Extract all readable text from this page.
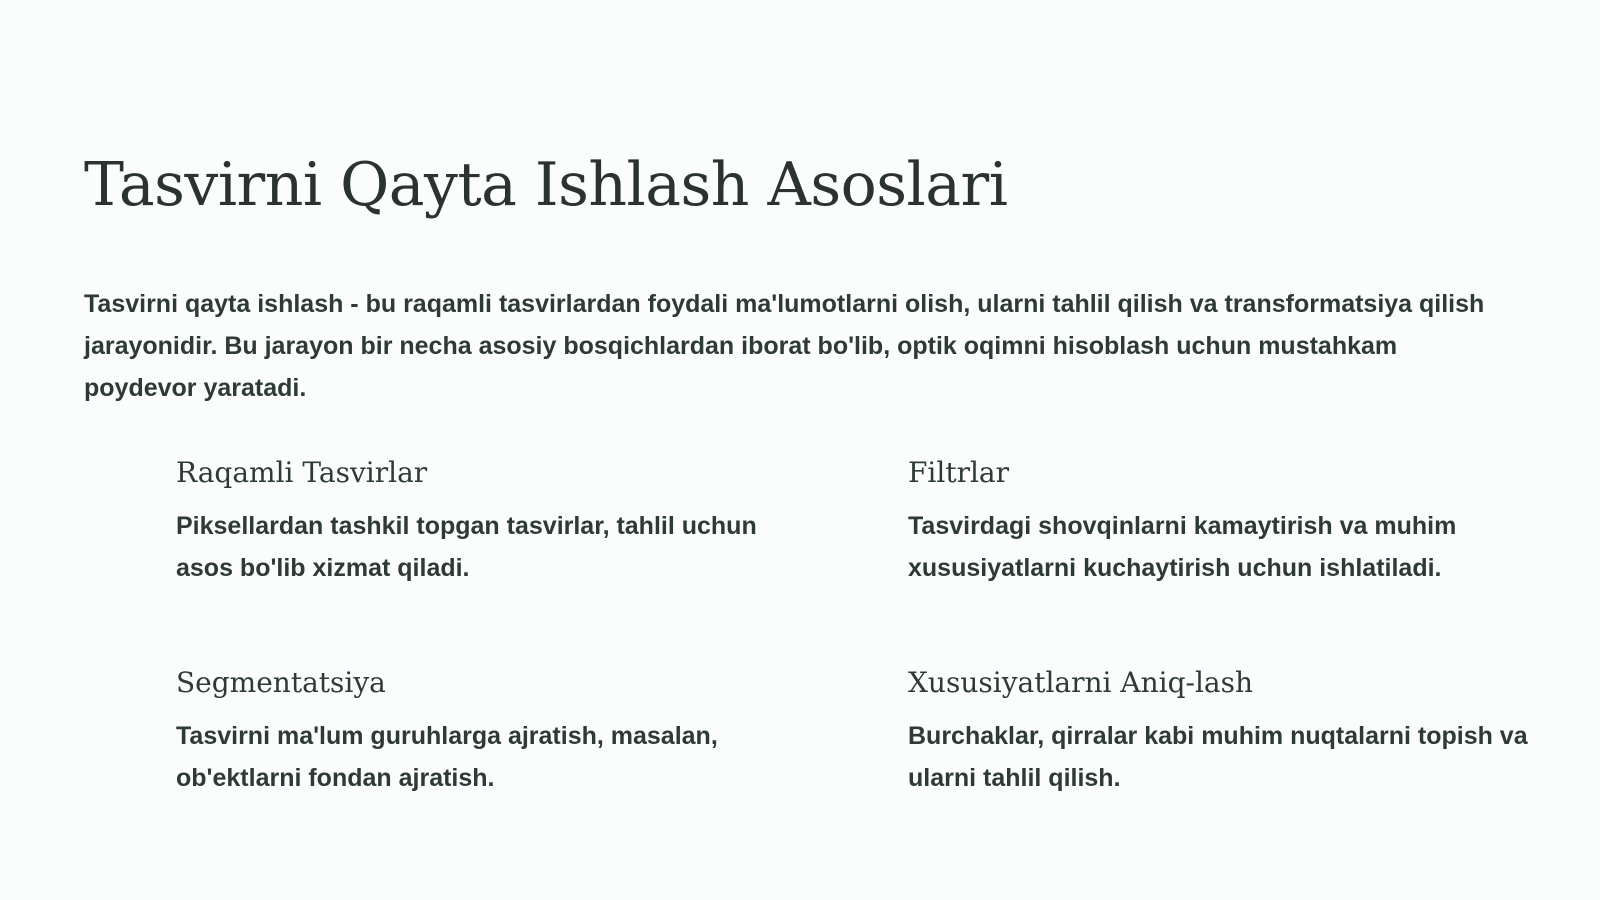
Tasvirni Qayta Ishlash Asoslari

Tasvirni qayta ishlash - bu raqamli tasvirlardan foydali ma'lumotlarni olish, ularni tahlil qilish va transformatsiya qilish jarayonidir. Bu jarayon bir necha asosiy bosqichlardan iborat bo'lib, optik oqimni hisoblash uchun mustahkam poydevor yaratadi.

Raqamli Tasvirlar

Piksellardan tashkil topgan tasvirlar, tahlil uchun asos bo'lib xizmat qiladi.

Filtrlar

Tasvirdagi shovqinlarni kamaytirish va muhim xususiyatlarni kuchaytirish uchun ishlatiladi.

Segmentatsiya

Tasvirni ma'lum guruhlarga ajratish, masalan, ob'ektlarni fondan ajratish.

Xususiyatlarni Aniq-lash

Burchaklar, qirralar kabi muhim nuqtalarni topish va ularni tahlil qilish.
